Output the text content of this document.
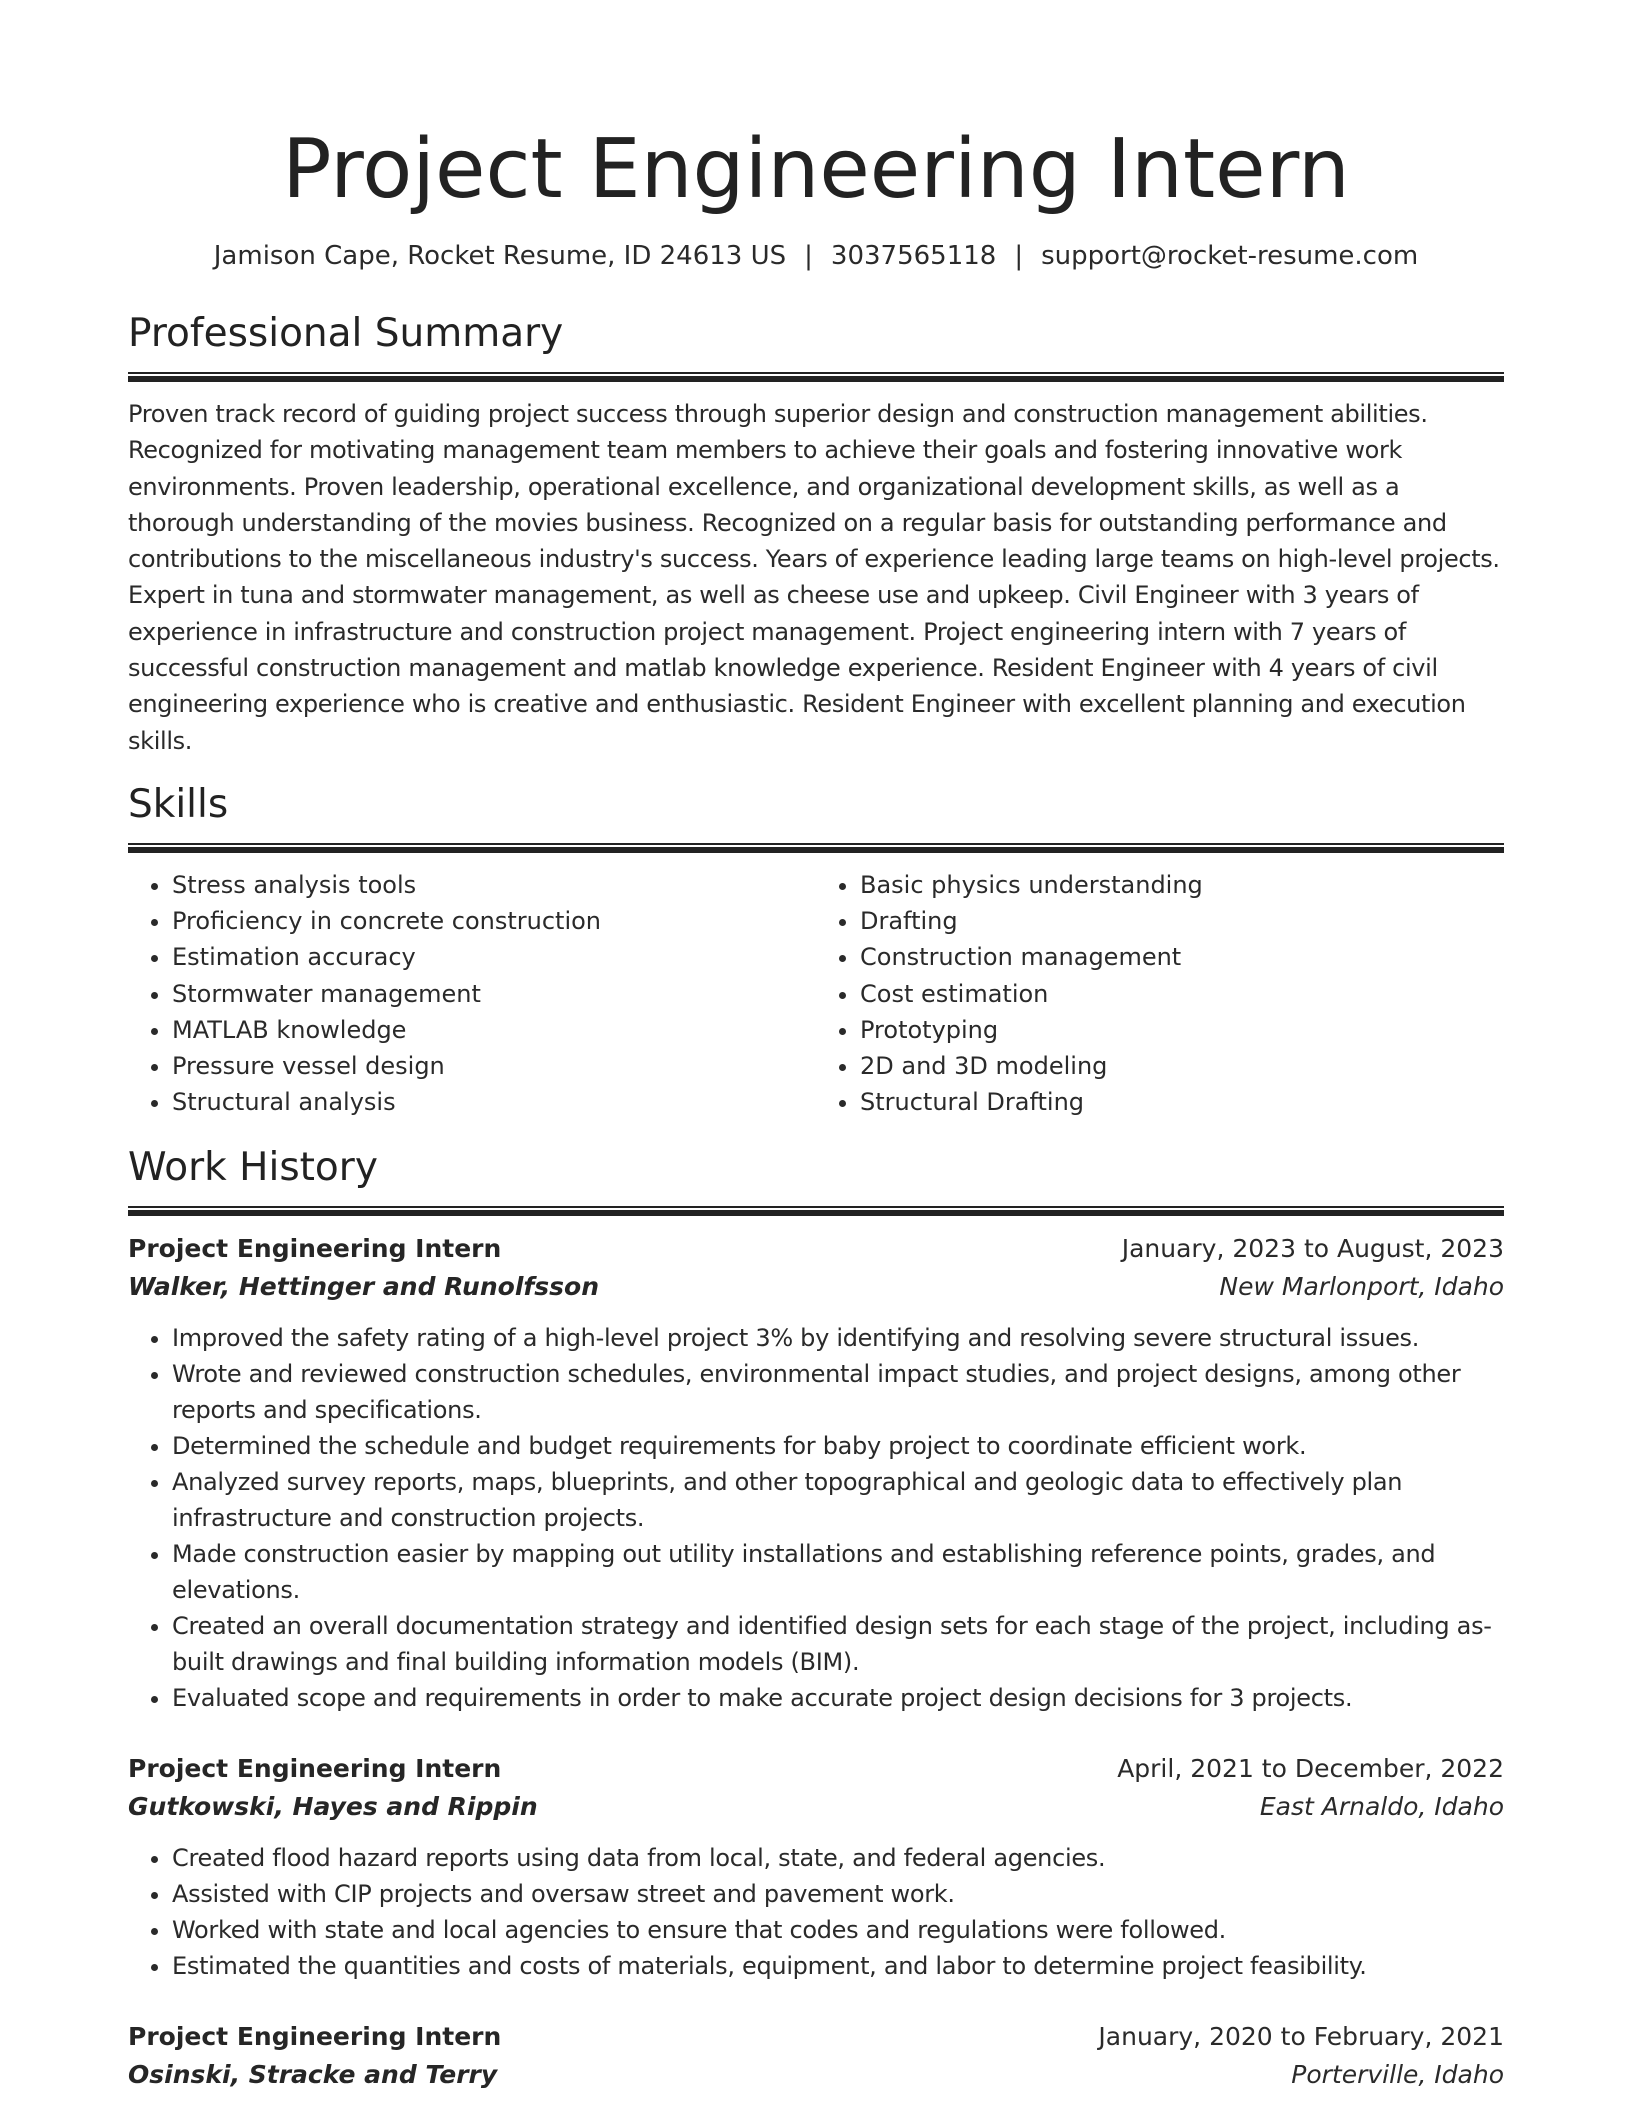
Project Engineering Intern
Jamison Cape, Rocket Resume, ID 24613 US | 3037565118 | support@rocket-resume.com
Professional Summary

Proven track record of guiding project success through superior design and construction management abilities. Recognized for motivating management team members to achieve their goals and fostering innovative work environments. Proven leadership, operational excellence, and organizational development skills, as well as a thorough understanding of the movies business. Recognized on a regular basis for outstanding performance and contributions to the miscellaneous industry's success. Years of experience leading large teams on high-level projects. Expert in tuna and stormwater management, as well as cheese use and upkeep. Civil Engineer with 3 years of experience in infrastructure and construction project management. Project engineering intern with 7 years of successful construction management and matlab knowledge experience. Resident Engineer with 4 years of civil engineering experience who is creative and enthusiastic. Resident Engineer with excellent planning and execution skills.

Skills
• Stress analysis tools
• Proficiency in concrete construction
• Estimation accuracy
• Stormwater management
• MATLAB knowledge
• Pressure vessel design
• Structural analysis
• Basic physics understanding
• Drafting
• Construction management
• Cost estimation
• Prototyping
• 2D and 3D modeling
• Structural Drafting
Work History
Project Engineering Intern	January, 2023 to August, 2023
Walker, Hettinger and Runolfsson	New Marlonport, Idaho
• Improved the safety rating of a high-level project 3% by identifying and resolving severe structural issues.
• Wrote and reviewed construction schedules, environmental impact studies, and project designs, among other reports and specifications.
• Determined the schedule and budget requirements for baby project to coordinate efficient work.
• Analyzed survey reports, maps, blueprints, and other topographical and geologic data to effectively plan infrastructure and construction projects.
• Made construction easier by mapping out utility installations and establishing reference points, grades, and elevations.
• Created an overall documentation strategy and identified design sets for each stage of the project, including as-built drawings and final building information models (BIM).
• Evaluated scope and requirements in order to make accurate project design decisions for 3 projects.
Project Engineering Intern	April, 2021 to December, 2022
Gutkowski, Hayes and Rippin	East Arnaldo, Idaho
• Created flood hazard reports using data from local, state, and federal agencies.
• Assisted with CIP projects and oversaw street and pavement work.
• Worked with state and local agencies to ensure that codes and regulations were followed.
• Estimated the quantities and costs of materials, equipment, and labor to determine project feasibility.
Project Engineering Intern	January, 2020 to February, 2021
Osinski, Stracke and Terry	Porterville, Idaho
